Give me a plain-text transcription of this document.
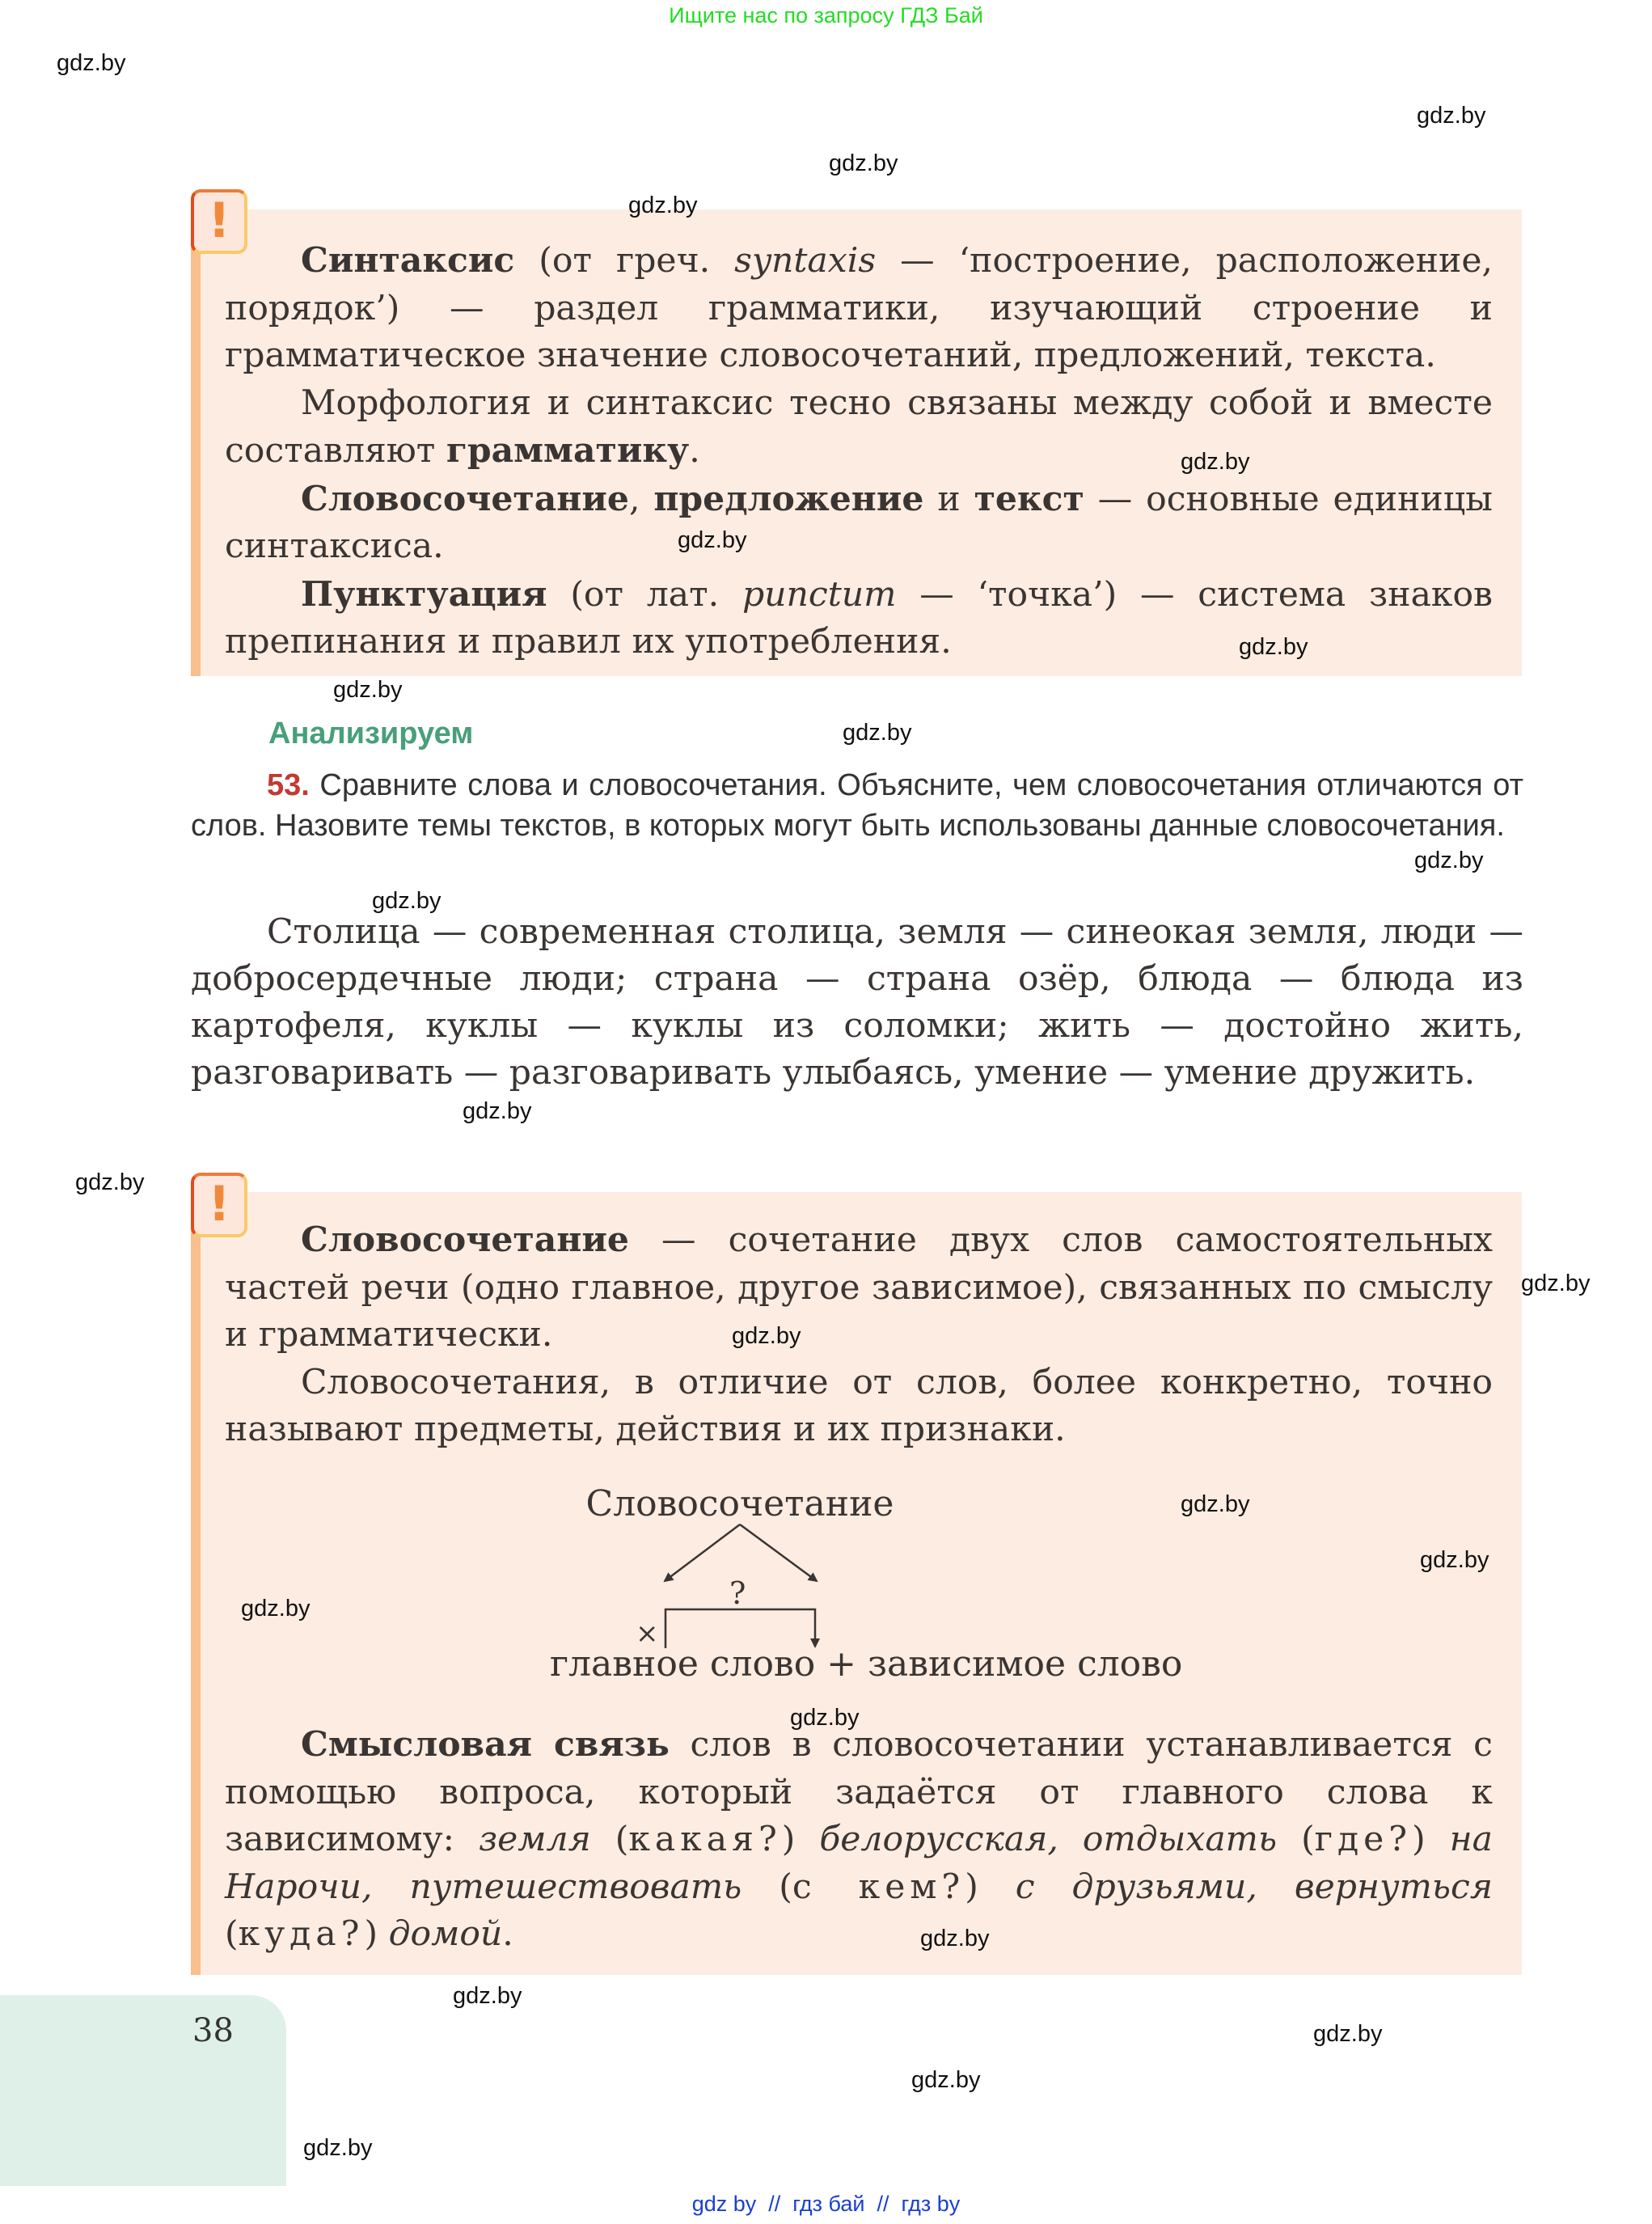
Ищите нас по запросу ГДЗ Бай

Синтаксис (от греч. syntaxis — ‘построение, расположение, порядок’) — раздел грамматики, изучающий строение и грамматическое значение словосочетаний, предложений, текста.

Морфология и синтаксис тесно связаны между собой и вместе составляют грамматику.

Словосочетание, предложение и текст — основные единицы синтаксиса.

Пунктуация (от лат. punctum — ‘точка’) — система знаков препинания и правил их употребления.

!
Анализируем

53. Сравните слова и словосочетания. Объясните, чем словосочетания отличаются от слов. Назовите темы текстов, в которых могут быть использованы данные словосочетания.

Столица — современная столица, земля — синеокая земля, люди — добросердечные люди; страна — страна озёр, блюда — блюда из картофеля, куклы — куклы из соломки; жить — достойно жить, разговаривать — разговаривать улыбаясь, умение — умение дружить.

Словосочетание — сочетание двух слов самостоятельных частей речи (одно главное, другое зависимое), связанных по смыслу и грамматически.

Словосочетания, в отличие от слов, более конкретно, точно называют предметы, действия и их признаки.

Смысловая связь слов в словосочетании устанавливается с помощью вопроса, который задаётся от главного слова к зависимому: земля (какая?) белорусская, отдыхать (где?) на Нарочи, путешествовать (с кем?) с друзьями, вернуться (куда?) домой.

!
Словосочетание
?
×
главное слово + зависимое слово
38
gdz by  //  гдз бай  //  гдз by
gdz.by
gdz.by
gdz.by
gdz.by
gdz.by
gdz.by
gdz.by
gdz.by
gdz.by
gdz.by
gdz.by
gdz.by
gdz.by
gdz.by
gdz.by
gdz.by
gdz.by
gdz.by
gdz.by
gdz.by
gdz.by
gdz.by
gdz.by
gdz.by
